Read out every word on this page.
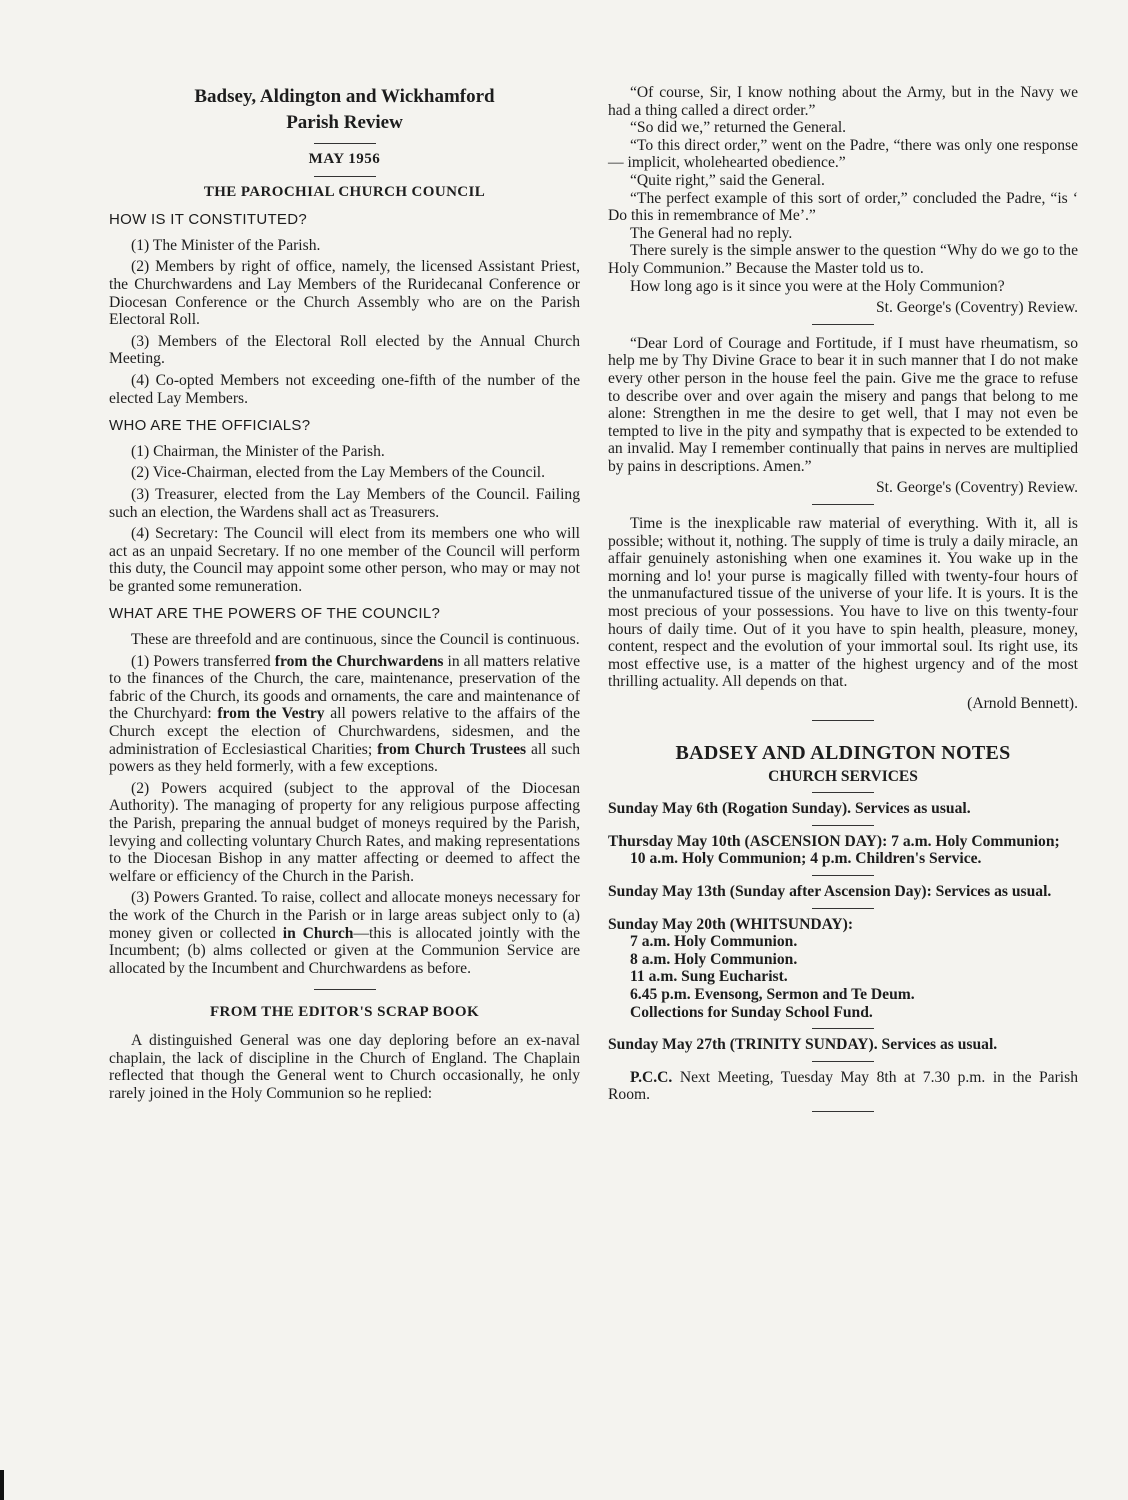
Badsey, Aldington and Wickhamford

Parish Review

MAY 1956

THE PAROCHIAL CHURCH COUNCIL

HOW IS IT CONSTITUTED?

(1) The Minister of the Parish.

(2) Members by right of office, namely, the licensed Assistant Priest, the Churchwardens and Lay Members of the Ruridecanal Conference or Diocesan Conference or the Church Assembly who are on the Parish Electoral Roll.

(3) Members of the Electoral Roll elected by the Annual Church Meeting.

(4) Co-opted Members not exceeding one-fifth of the number of the elected Lay Members.

WHO ARE THE OFFICIALS?

(1) Chairman, the Minister of the Parish.

(2) Vice-Chairman, elected from the Lay Members of the Council.

(3) Treasurer, elected from the Lay Members of the Council. Failing such an election, the Wardens shall act as Treasurers.

(4) Secretary: The Council will elect from its members one who will act as an unpaid Secretary. If no one member of the Council will perform this duty, the Council may appoint some other person, who may or may not be granted some remuneration.

WHAT ARE THE POWERS OF THE COUNCIL?

These are threefold and are continuous, since the Council is continuous.

(1) Powers transferred from the Churchwardens in all matters relative to the finances of the Church, the care, maintenance, preservation of the fabric of the Church, its goods and ornaments, the care and maintenance of the Churchyard: from the Vestry all powers relative to the affairs of the Church except the election of Churchwardens, sidesmen, and the administration of Ecclesiastical Charities; from Church Trustees all such powers as they held formerly, with a few exceptions.

(2) Powers acquired (subject to the approval of the Diocesan Authority). The managing of property for any religious purpose affecting the Parish, preparing the annual budget of moneys required by the Parish, levying and collecting voluntary Church Rates, and making representations to the Diocesan Bishop in any matter affecting or deemed to affect the welfare or efficiency of the Church in the Parish.

(3) Powers Granted. To raise, collect and allocate moneys necessary for the work of the Church in the Parish or in large areas subject only to (a) money given or collected in Church—this is allocated jointly with the Incumbent; (b) alms collected or given at the Communion Service are allocated by the Incumbent and Churchwardens as before.

FROM THE EDITOR'S SCRAP BOOK

A distinguished General was one day deploring before an ex-naval chaplain, the lack of discipline in the Church of England. The Chaplain reflected that though the General went to Church occasionally, he only rarely joined in the Holy Communion so he replied:

“Of course, Sir, I know nothing about the Army, but in the Navy we had a thing called a direct order.”

“So did we,” returned the General.

“To this direct order,” went on the Padre, “there was only one response — implicit, wholehearted obedience.”

“Quite right,” said the General.

“The perfect example of this sort of order,” concluded the Padre, “is ‘ Do this in remembrance of Me’.”

The General had no reply.

There surely is the simple answer to the question “Why do we go to the Holy Communion.” Because the Master told us to.

How long ago is it since you were at the Holy Communion?

St. George's (Coventry) Review.

“Dear Lord of Courage and Fortitude, if I must have rheumatism, so help me by Thy Divine Grace to bear it in such manner that I do not make every other person in the house feel the pain. Give me the grace to refuse to describe over and over again the misery and pangs that belong to me alone: Strengthen in me the desire to get well, that I may not even be tempted to live in the pity and sympathy that is expected to be extended to an invalid. May I remember continually that pains in nerves are multiplied by pains in descriptions. Amen.”

St. George's (Coventry) Review.

Time is the inexplicable raw material of everything. With it, all is possible; without it, nothing. The supply of time is truly a daily miracle, an affair genuinely astonishing when one examines it. You wake up in the morning and lo! your purse is magically filled with twenty-four hours of the unmanufactured tissue of the universe of your life. It is yours. It is the most precious of your possessions. You have to live on this twenty-four hours of daily time. Out of it you have to spin health, pleasure, money, content, respect and the evolution of your immortal soul. Its right use, its most effective use, is a matter of the highest urgency and of the most thrilling actuality. All depends on that.

(Arnold Bennett).

BADSEY AND ALDINGTON NOTES

CHURCH SERVICES

Sunday May 6th (Rogation Sunday). Services as usual.

Thursday May 10th (ASCENSION DAY): 7 a.m. Holy Communion; 10 a.m. Holy Communion; 4 p.m. Children's Service.

Sunday May 13th (Sunday after Ascension Day): Services as usual.

Sunday May 20th (WHITSUNDAY):

7 a.m. Holy Communion.

8 a.m. Holy Communion.

11 a.m. Sung Eucharist.

6.45 p.m. Evensong, Sermon and Te Deum.

Collections for Sunday School Fund.

Sunday May 27th (TRINITY SUNDAY). Services as usual.

P.C.C. Next Meeting, Tuesday May 8th at 7.30 p.m. in the Parish Room.
